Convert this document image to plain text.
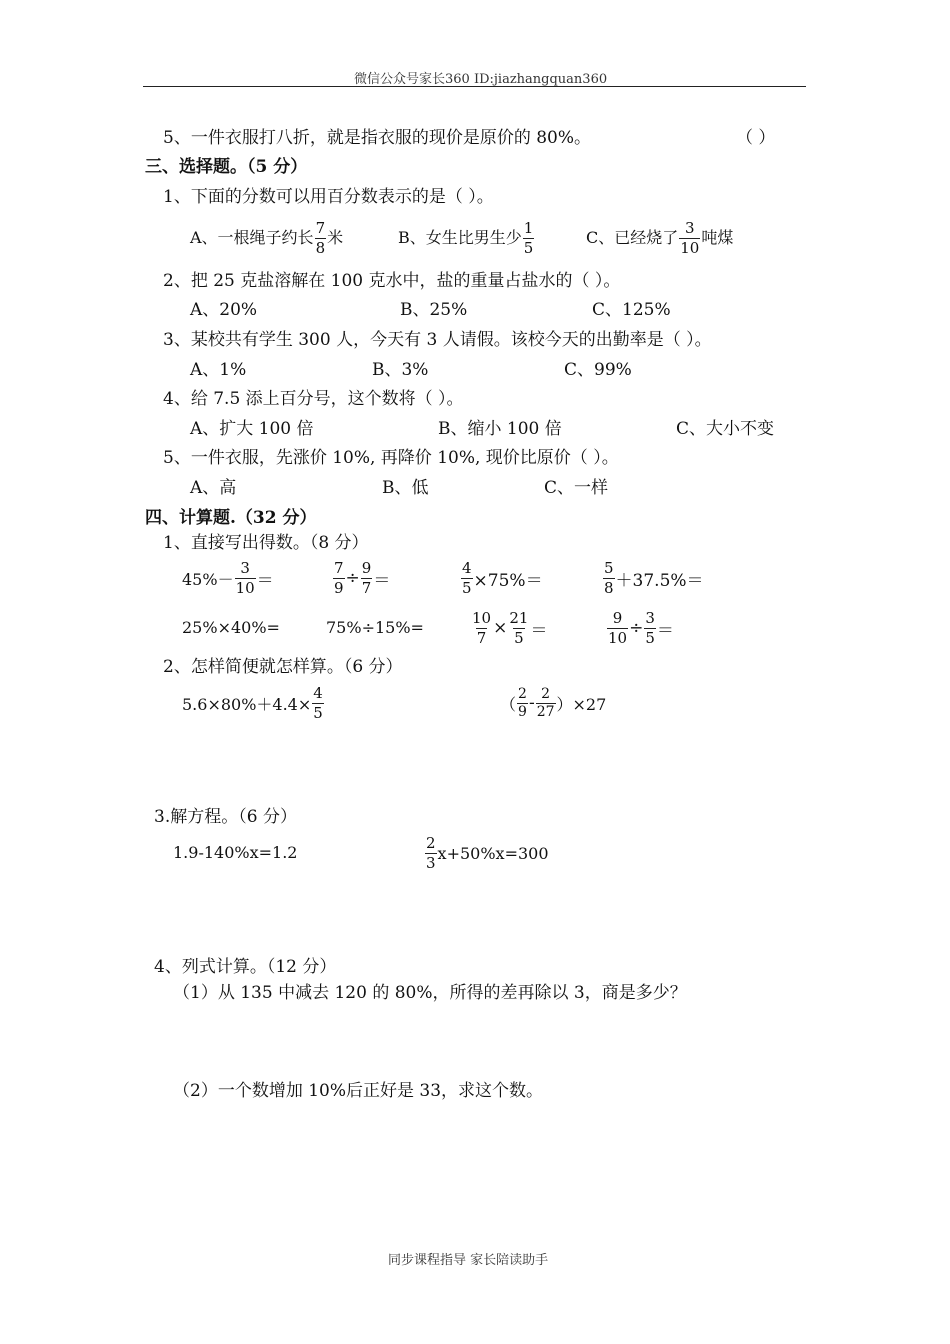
微信公众号家长360 ID:jiazhangquan360
5、一件衣服打八折，就是指衣服的现价是原价的 80%。	（ ）
三、选择题。（5 分）
1、下面的分数可以用百分数表示的是（ ）。
A、一根绳子约长 $\frac{7}{8}$ 米	B、女生比男生少 $\frac{1}{5}$	C、已经烧了 $\frac{3}{10}$ 吨煤
2、把 25 克盐溶解在 100 克水中，盐的重量占盐水的（ ）。
A、20%	B、25%	C、125%
3、某校共有学生 300 人，今天有 3 人请假。该校今天的出勤率是（ ）。
A、1%	B、3%	C、99%
4、给 7.5 添上百分号，这个数将（ ）。
A、扩大 100 倍	B、缩小 100 倍	C、大小不变
5、一件衣服，先涨价 10%, 再降价 10%, 现价比原价（ ）。
A、高	B、低	C、一样
四、计算题.（32 分）
1、直接写出得数。（8 分）
$45\%- \frac{3}{10}$ ＝	$\frac{7}{9} \div \frac{9}{7}$ ＝	$\frac{4}{5} \times 75\%=$	$\frac{5}{8} +37.5\%=$
25%×40%=	75%÷15%=	$\frac{10}{7} \times \frac{21}{5}$ ＝	$\frac{9}{10} \div \frac{3}{5}$ ＝
2、怎样简便就怎样算。（6 分）
$5.6\times 80\%+4.4\times \frac{4}{5}$	（ $\frac{2}{9} - \frac{2}{27} )\times 27$
3.解方程。（6 分）
1.9-140%x=1.2	$\frac{2}{3} x+50\%x=300$
4、列式计算。（12 分）
（1）从 135 中减去 120 的 80%，所得的差再除以 3，商是多少？
（2）一个数增加 10%后正好是 33，求这个数。
同步课程指导 家长陪读助手
